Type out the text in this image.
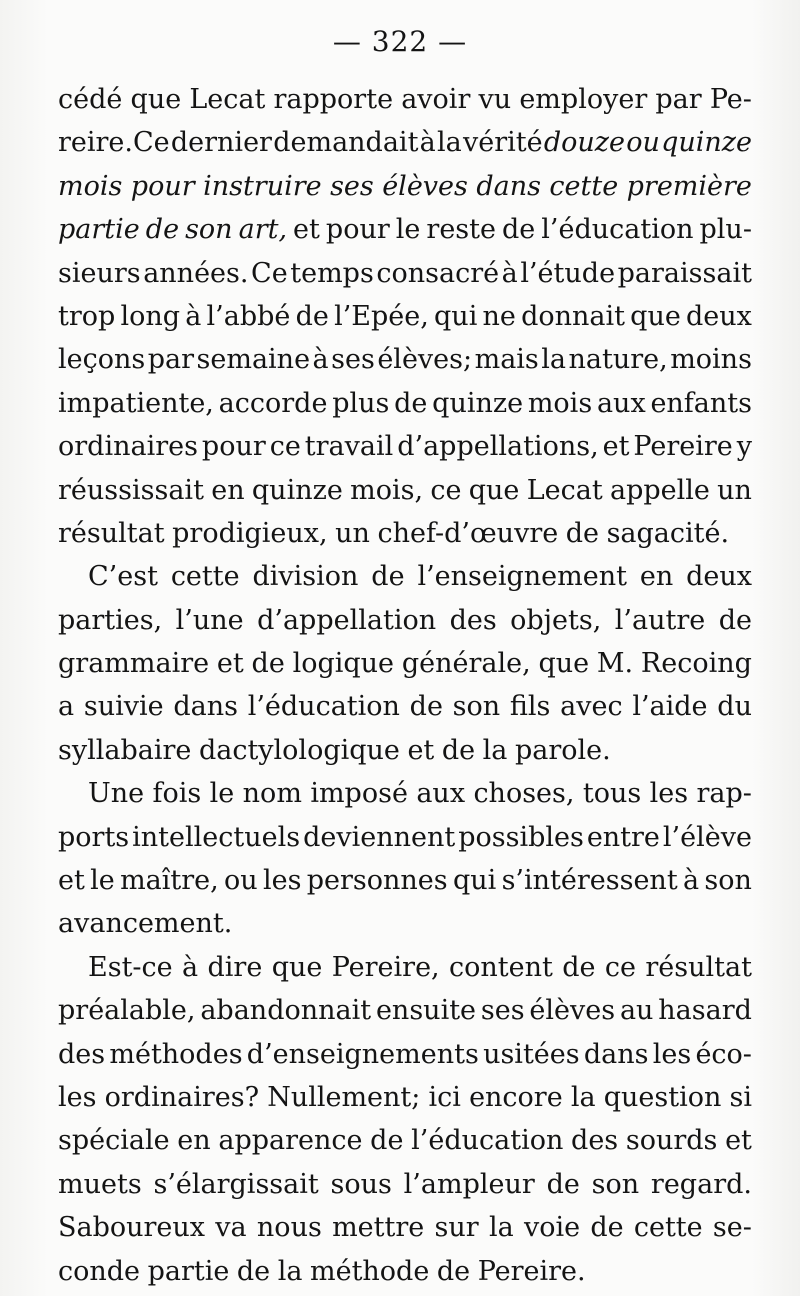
— 322 —
cédé que Lecat rapporte avoir vu employer par Pe-
reire.Ce dernier demandait à la vérité douze ou quinze
mois pour instruire ses élèves dans cette première
partie de son art, et pour le reste de l’éducation plu-
sieurs années. Ce temps consacré à l’étude paraissait
trop long à l’abbé de l’Epée, qui ne donnait que deux
leçons par semaine à ses élèves; mais la nature, moins
impatiente, accorde plus de quinze mois aux enfants
ordinaires pour ce travail d’appellations, et Pereire y
réussissait en quinze mois, ce que Lecat appelle un
résultat prodigieux, un chef-d’œuvre de sagacité.
C’est cette division de l’enseignement en deux
parties, l’une d’appellation des objets, l’autre de
grammaire et de logique générale, que M. Recoing
a suivie dans l’éducation de son fils avec l’aide du
syllabaire dactylologique et de la parole.
Une fois le nom imposé aux choses, tous les rap-
ports intellectuels deviennent possibles entre l’élève
et le maître, ou les personnes qui s’intéressent à son
avancement.
Est-ce à dire que Pereire, content de ce résultat
préalable, abandonnait ensuite ses élèves au hasard
des méthodes d’enseignements usitées dans les éco-
les ordinaires? Nullement; ici encore la question si
spéciale en apparence de l’éducation des sourds et
muets s’élargissait sous l’ampleur de son regard.
Saboureux va nous mettre sur la voie de cette se-
conde partie de la méthode de Pereire.
